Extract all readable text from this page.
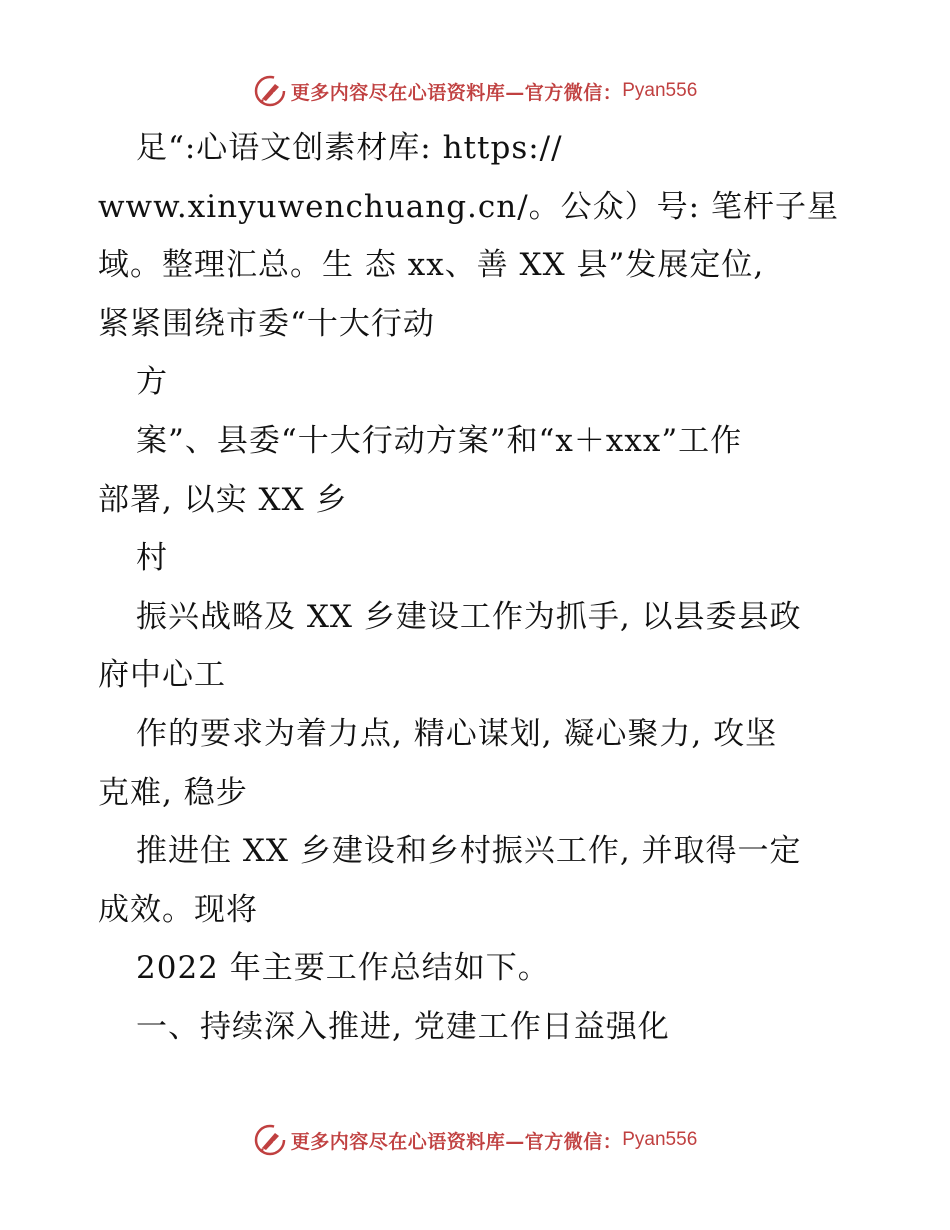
更多内容尽在心语资料库—官方微信： Pyan556
足“:心语文创素材库: https://
www.xinyuwenchuang.cn/。公众）号: 笔杆子星
域。整理汇总。生 态 xx、善 XX 县”发展定位,
紧紧围绕市委“十大行动
方
案”、县委“十大行动方案”和“x＋xxx”工作
部署, 以实 XX 乡
村
振兴战略及 XX 乡建设工作为抓手, 以县委县政
府中心工
作的要求为着力点, 精心谋划, 凝心聚力, 攻坚
克难, 稳步
推进住 XX 乡建设和乡村振兴工作, 并取得一定
成效。现将
2022 年主要工作总结如下。
一、持续深入推进, 党建工作日益强化
更多内容尽在心语资料库—官方微信： Pyan556
